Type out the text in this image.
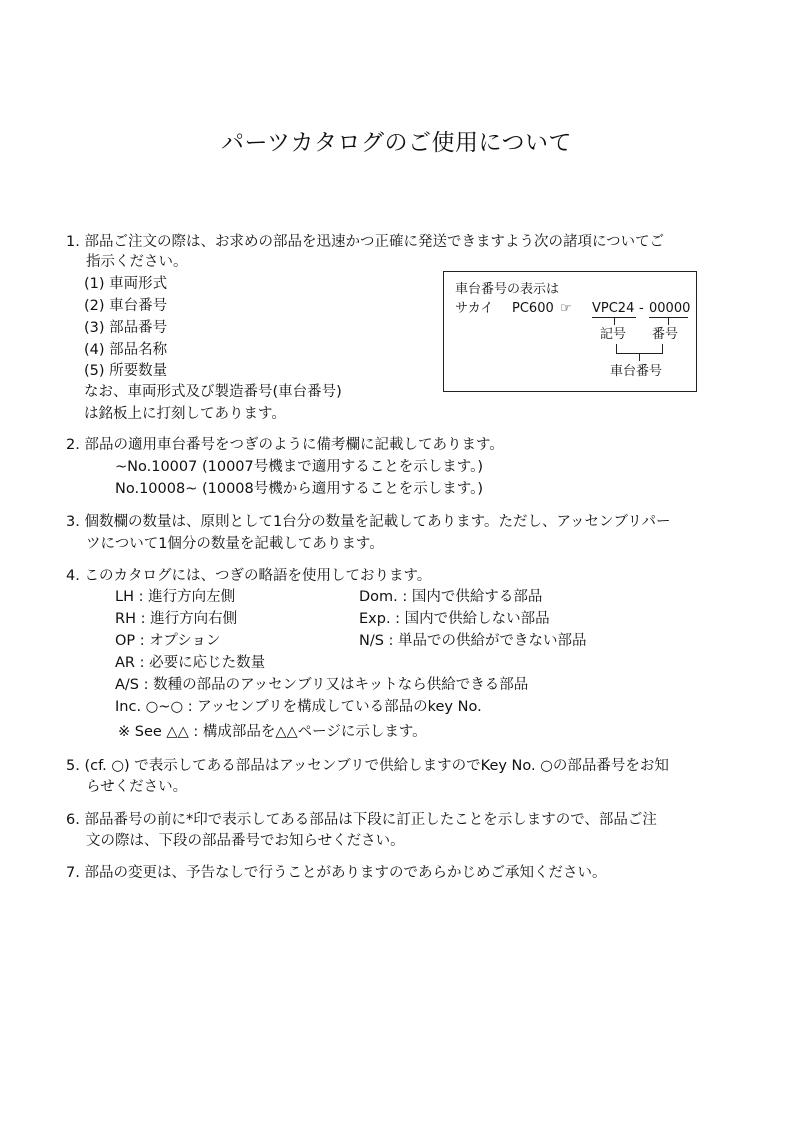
パーツカタログのご使用について
1. 部品ご注文の際は、お求めの部品を迅速かつ正確に発送できますよう次の諸項についてご
指示ください。
(1) 車両形式
(2) 車台番号
(3) 部品番号
(4) 部品名称
(5) 所要数量
なお、車両形式及び製造番号(車台番号)
は銘板上に打刻してあります。
車台番号の表示は
サカイ PC600 ☞ VPC24 - 00000
記号 番号
車台番号
2. 部品の適用車台番号をつぎのように備考欄に記載してあります。
~No.10007 (10007号機まで適用することを示します。)
No.10008~ (10008号機から適用することを示します。)
3. 個数欄の数量は、原則として1台分の数量を記載してあります。ただし、アッセンブリパー
ツについて1個分の数量を記載してあります。
4. このカタログには、つぎの略語を使用しております。
LH : 進行方向左側	Dom. : 国内で供給する部品
RH : 進行方向右側	Exp. : 国内で供給しない部品
OP : オプション	N/S : 単品での供給ができない部品
AR : 必要に応じた数量
A/S : 数種の部品のアッセンブリ又はキットなら供給できる部品
Inc. ○~○ : アッセンブリを構成している部品のkey No.
※ See △△ : 構成部品を△△ページに示します。
5. (cf. ○) で表示してある部品はアッセンブリで供給しますのでKey No. ○の部品番号をお知
らせください。
6. 部品番号の前に*印で表示してある部品は下段に訂正したことを示しますので、部品ご注
文の際は、下段の部品番号でお知らせください。
7. 部品の変更は、予告なしで行うことがありますのであらかじめご承知ください。
